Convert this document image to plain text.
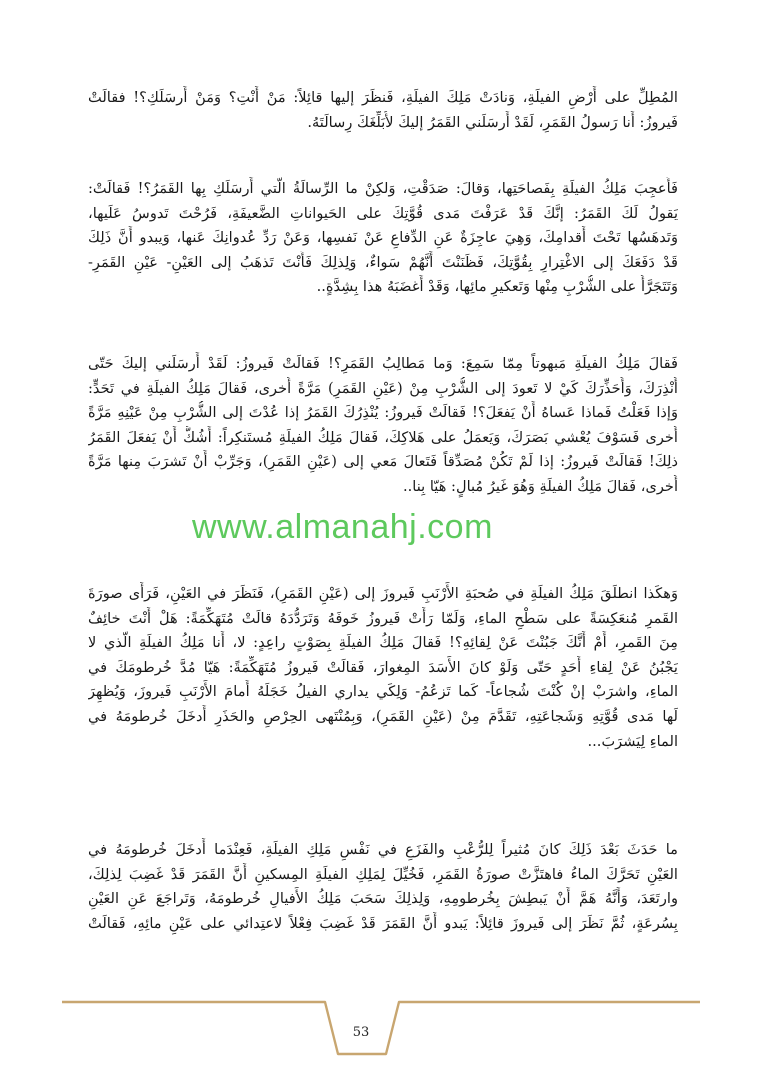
المُطِلِّ على أَرْضِ الفيلَةِ، وَنادَتْ مَلِكَ الفيلَةِ، فَنظَرَ إليها قائِلاً: مَنْ أَنْتِ؟ وَمَنْ أَرسَلَكِ؟! فقالَتْ
فَيروزُ: أَنا رَسولُ القَمَرِ، لَقَدْ أَرسَلَني القَمَرُ إليكَ لأُبَلِّغَكَ رِسالَتَهُ.
فَأُعجِبَ مَلِكُ الفيلَةِ بِفَصاحَتِها، وَقالَ: صَدَقْتِ، وَلكِنْ ما الرِّسالَةُ الّتي أَرسَلَكِ بِها القَمَرُ؟! فَقالَتْ:
يَقولُ لَكَ القَمَرُ: إنَّكَ قَدْ عَرَفْتَ مَدى قُوَّتِكَ على الحَيواناتِ الضَّعيفَةِ، فَرُحْتَ تَدوسُ عَلَيها،
وَتَدهَسُها تَحْتَ أَقدامِكَ، وَهِيَ عاجِزَةٌ عَنِ الدِّفاعِ عَنْ نَفسِها، وَعَنْ رَدِّ عُدوانِكَ عَنها، وَيبدو أَنَّ ذَلِكَ
قَدْ دَفَعَكَ إلى الاغْتِرارِ بِقُوَّتِكَ، فَظَنَنْتَ أَنَّهُمْ سَواءٌ، وَلِذلِكَ فَأَنْتَ تَذهَبُ إلى العَيْنِ- عَيْنِ القَمَرِ-
وَتَتَجَرَّأُ على الشُّرْبِ مِنْها وَتَعكيرِ مائِها، وَقَدْ أَغضَبَهُ هذا بِشِدَّةٍ..
فَقالَ مَلِكُ الفيلَةِ مَبهوتاً مِمّا سَمِعَ: وَما مَطالِبُ القَمَرِ؟! فَقالَتْ فَيروزُ: لَقَدْ أَرسَلَني إليكَ حَتّى
أُنْذِرَكَ، وَأُحَذِّرَكَ كَيْ لا تَعودَ إلى الشُّرْبِ مِنْ (عَيْنِ القَمَرِ) مَرَّةً أُخرى، فَقالَ مَلِكُ الفيلَةِ في تَحَدٍّ:
وَإذا فَعَلْتُ فَماذا عَساهُ أَنْ يَفعَلَ؟! فَقالَتْ فَيروزُ: يُنْذِرُكَ القَمَرُ إذا عُدْتَ إلى الشُّرْبِ مِنْ عَيْنِهِ مَرَّةً
أُخرى فَسَوْفَ يُعْشي بَصَرَكَ، وَيَعمَلُ على هَلاكِكَ، فَقالَ مَلِكُ الفيلَةِ مُستَنكِراً: أَشُكُّ أَنْ يَفعَلَ القَمَرُ
ذلِكَ! فَقالَتْ فَيروزُ: إذا لَمْ تَكُنْ مُصَدِّقاً فَتَعالَ مَعي إلى (عَيْنِ القَمَرِ)، وَجَرِّبْ أَنْ تَشرَبَ مِنها مَرَّةً
أُخرى، فَقالَ مَلِكُ الفيلَةِ وَهُوَ غَيرُ مُبالٍ: هَيّا بِنا..
وَهكَذا انطلَقَ مَلِكُ الفيلَةِ في صُحبَةِ الأَرْنَبِ فَيروزَ إلى (عَيْنِ القَمَرِ)، فَنَظَرَ في العَيْنِ، فَرَأَى صورَةَ
القَمرِ مُنعَكِسَةً على سَطْحِ الماءِ، وَلَمّا رَأَتْ فَيروزُ خَوفَهُ وَتَرَدُّدَهُ قالَتْ مُتَهَكِّمَةً: هَلْ أَنْتَ خائِفٌ
مِنَ القَمرِ، أَمْ أَنَّكَ جَبُنْتَ عَنْ لِقائِهِ؟! فَقالَ مَلِكُ الفيلَةِ بِصَوْتٍ راعِدٍ: لا، أَنا مَلِكُ الفيلَةِ الّذي لا
يَجْبُنُ عَنْ لِقاءِ أَحَدٍ حَتّى وَلَوْ كانَ الأَسَدَ المِغوارَ، فَقالَتْ فَيروزُ مُتَهَكِّمَةً: هَيّا مُدَّ خُرطومَكَ في
الماءِ، واشرَبْ إنْ كُنْتَ شُجاعاً- كَما تَزعُمُ- وَلِكَي يداري الفيلُ خَجَلَهُ أَمامَ الأَرْنَبِ فَيروزَ، وَيُظهِرَ
لَها مَدى قُوَّتِهِ وَشَجاعَتِهِ، تَقَدَّمَ مِنْ (عَيْنِ القَمَرِ)، وَبِمُنْتَهى الحِرْصِ والحَذَرِ أَدخَلَ خُرطومَهُ في
الماءِ لِيَشرَبَ...
ما حَدَثَ بَعْدَ ذَلِكَ كانَ مُثيراً لِلرُّعْبِ والفَزَعِ في نَفْسِ مَلِكِ الفيلَةِ، فَعِنْدَما أَدخَلَ خُرطومَهُ في
العَيْنِ تَحَرَّكَ الماءُ فاهتَزَّتْ صورَةُ القَمَرِ، فَخُيِّلَ لِمَلِكِ الفيلَةِ المِسكينِ أَنَّ القَمَرَ قَدْ غَضِبَ لِذلِكَ،
وارتَعَدَ، وَأَنَّهُ هَمَّ أَنْ يَبطِشَ بِخُرطومِهِ، وَلِذلِكَ سَحَبَ مَلِكُ الأَفيالِ خُرطومَهُ، وَتَراجَعَ عَنِ العَيْنِ
بِسُرعَةٍ، ثُمَّ نَظَرَ إلى فَيروزَ قائِلاً: يَبدو أَنَّ القَمَرَ قَدْ غَضِبَ فِعْلاً لاعتِدائي على عَيْنِ مائِهِ، فَقالَتْ
www.almanahj.com
53
